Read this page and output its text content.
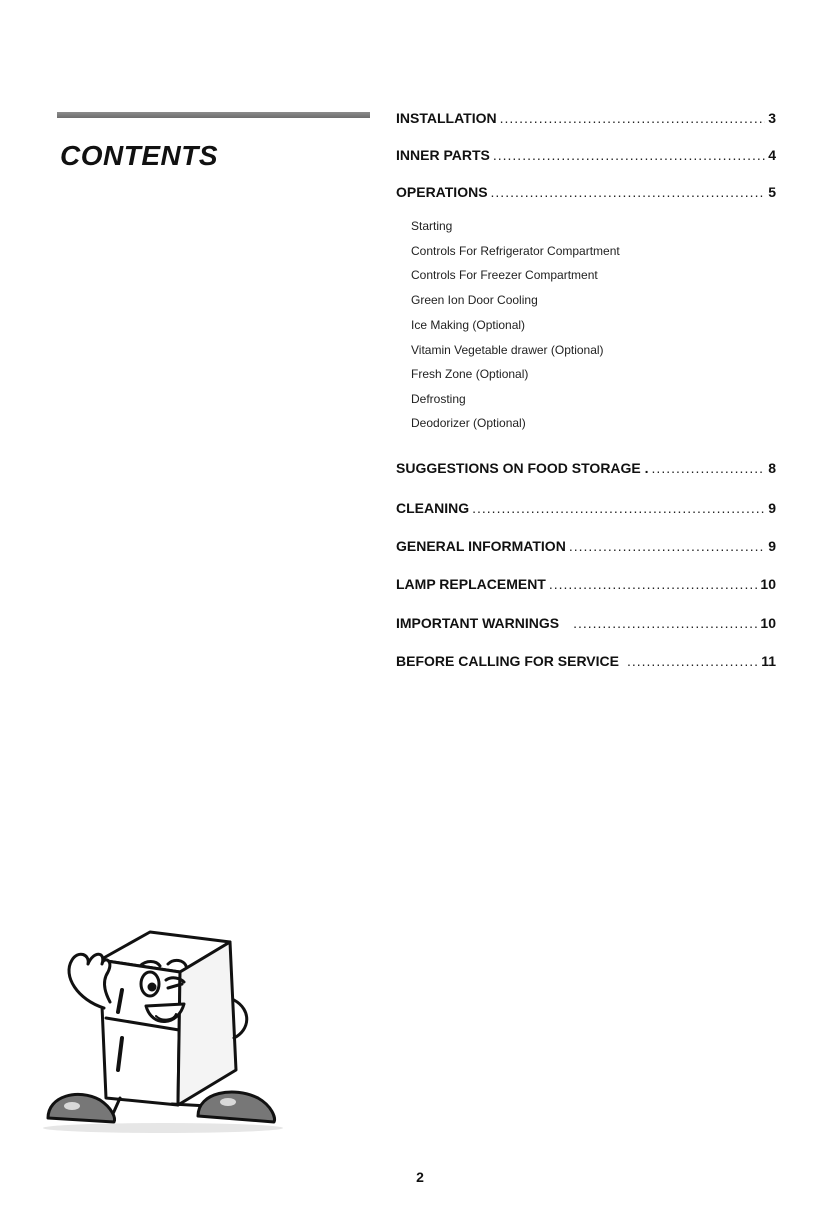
CONTENTS
INSTALLATION .....	3
INNER PARTS .....	4
OPERATIONS .....	5
Starting
Controls For Refrigerator Compartment
Controls For Freezer Compartment
Green Ion Door Cooling
Ice Making (Optional)
Vitamin Vegetable drawer (Optional)
Fresh Zone (Optional)
Defrosting
Deodorizer (Optional)
SUGGESTIONS ON FOOD STORAGE . .....	8
CLEANING .....	9
GENERAL INFORMATION .....	9
LAMP REPLACEMENT .....	10
IMPORTANT WARNINGS .....	10
BEFORE CALLING FOR SERVICE .....	11
2
